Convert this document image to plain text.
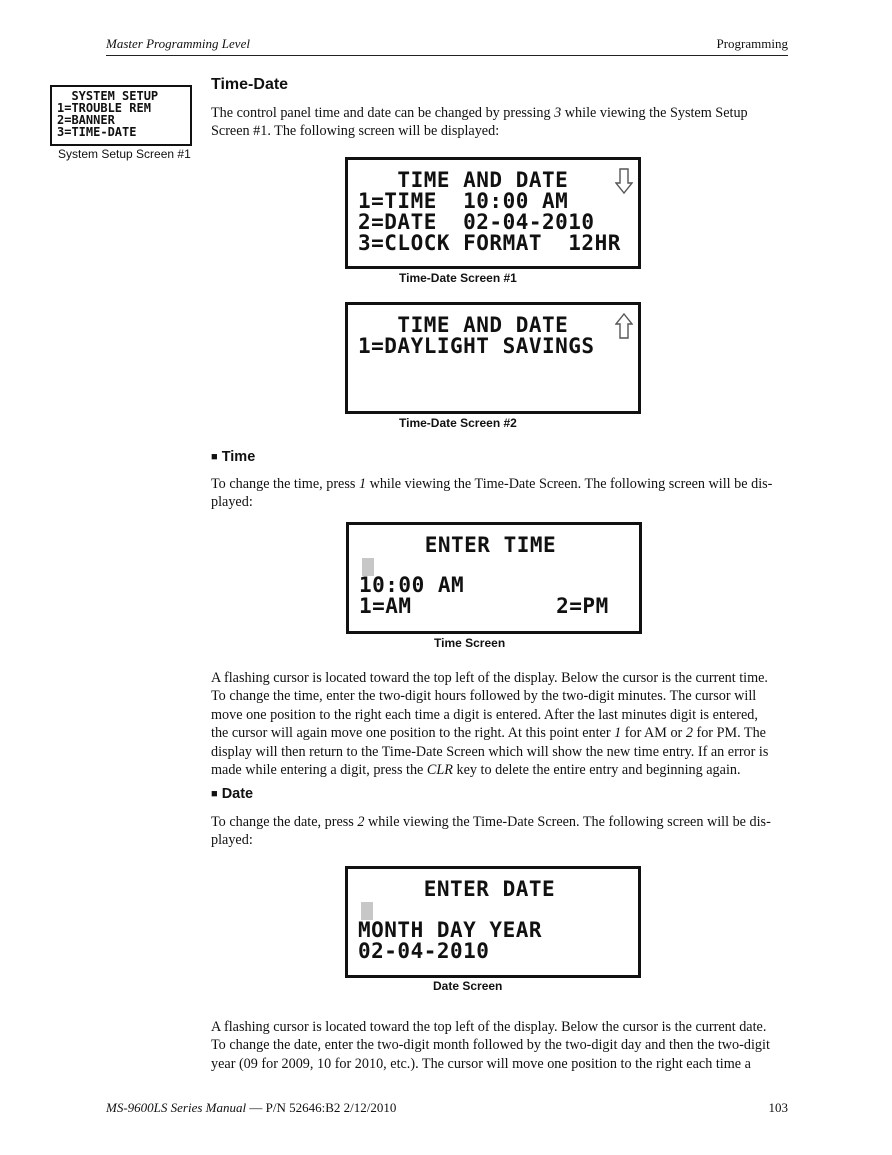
Master Programming Level	Programming

SYSTEM SETUP

1=TROUBLE REM

2=BANNER

3=TIME-DATE

System Setup Screen #1
Time-Date
The control panel time and date can be changed by pressing 3 while viewing the System Setup
Screen #1. The following screen will be displayed:

TIME AND DATE

1=TIME  10:00 AM

2=DATE  02-04-2010

3=CLOCK FORMAT  12HR

Time-Date Screen #1

TIME AND DATE

1=DAYLIGHT SAVINGS

Time-Date Screen #2
■ Time
To change the time, press 1 while viewing the Time-Date Screen. The following screen will be dis-
played:

ENTER TIME

10:00 AM

1=AM           2=PM

Time Screen
A flashing cursor is located toward the top left of the display. Below the cursor is the current time.
To change the time, enter the two-digit hours followed by the two-digit minutes. The cursor will
move one position to the right each time a digit is entered. After the last minutes digit is entered,
the cursor will again move one position to the right. At this point enter 1 for AM or 2 for PM. The
display will then return to the Time-Date Screen which will show the new time entry. If an error is
made while entering a digit, press the CLR key to delete the entire entry and beginning again.
■ Date
To change the date, press 2 while viewing the Time-Date Screen. The following screen will be dis-
played:

ENTER DATE

MONTH DAY YEAR

02-04-2010

Date Screen
A flashing cursor is located toward the top left of the display. Below the cursor is the current date.
To change the date, enter the two-digit month followed by the two-digit day and then the two-digit
year (09 for 2009, 10 for 2010, etc.). The cursor will move one position to the right each time a
MS-9600LS Series Manual — P/N 52646:B2 2/12/2010	103
